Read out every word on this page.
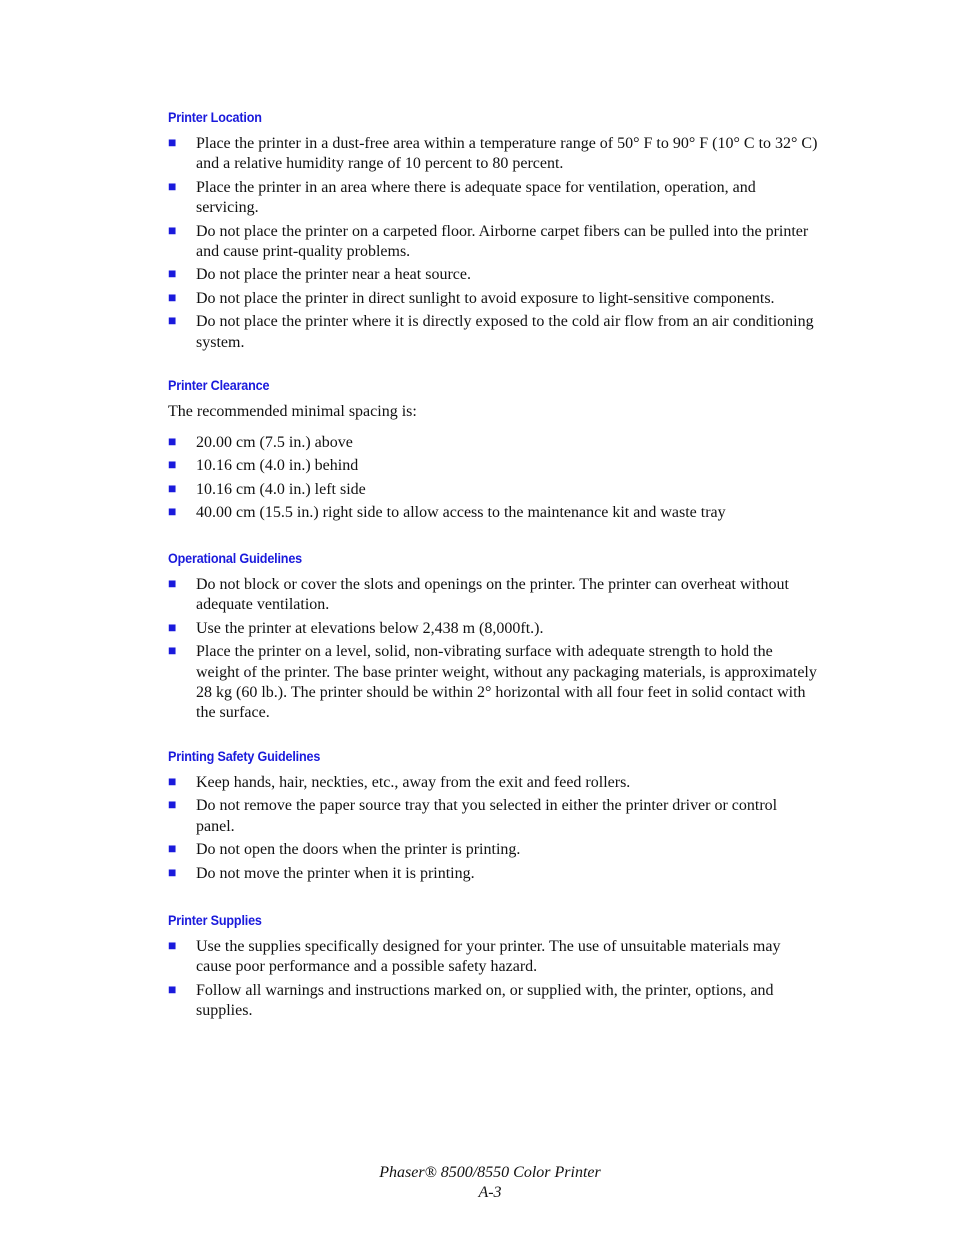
Printer Location
■ Place the printer in a dust-free area within a temperature range of 50° F to 90° F (10° C to 32° C) and a relative humidity range of 10 percent to 80 percent.
■ Place the printer in an area where there is adequate space for ventilation, operation, and servicing.
■ Do not place the printer on a carpeted floor. Airborne carpet fibers can be pulled into the printer and cause print-quality problems.
■ Do not place the printer near a heat source.
■ Do not place the printer in direct sunlight to avoid exposure to light-sensitive components.
■ Do not place the printer where it is directly exposed to the cold air flow from an air conditioning system.
Printer Clearance

The recommended minimal spacing is:

■ 20.00 cm (7.5 in.) above
■ 10.16 cm (4.0 in.) behind
■ 10.16 cm (4.0 in.) left side
■ 40.00 cm (15.5 in.) right side to allow access to the maintenance kit and waste tray
Operational Guidelines
■ Do not block or cover the slots and openings on the printer. The printer can overheat without adequate ventilation.
■ Use the printer at elevations below 2,438 m (8,000ft.).
■ Place the printer on a level, solid, non-vibrating surface with adequate strength to hold the weight of the printer. The base printer weight, without any packaging materials, is approximately 28 kg (60 lb.). The printer should be within 2° horizontal with all four feet in solid contact with the surface.
Printing Safety Guidelines
■ Keep hands, hair, neckties, etc., away from the exit and feed rollers.
■ Do not remove the paper source tray that you selected in either the printer driver or control panel.
■ Do not open the doors when the printer is printing.
■ Do not move the printer when it is printing.
Printer Supplies
■ Use the supplies specifically designed for your printer. The use of unsuitable materials may cause poor performance and a possible safety hazard.
■ Follow all warnings and instructions marked on, or supplied with, the printer, options, and supplies.
Phaser® 8500/8550 Color Printer
A-3
